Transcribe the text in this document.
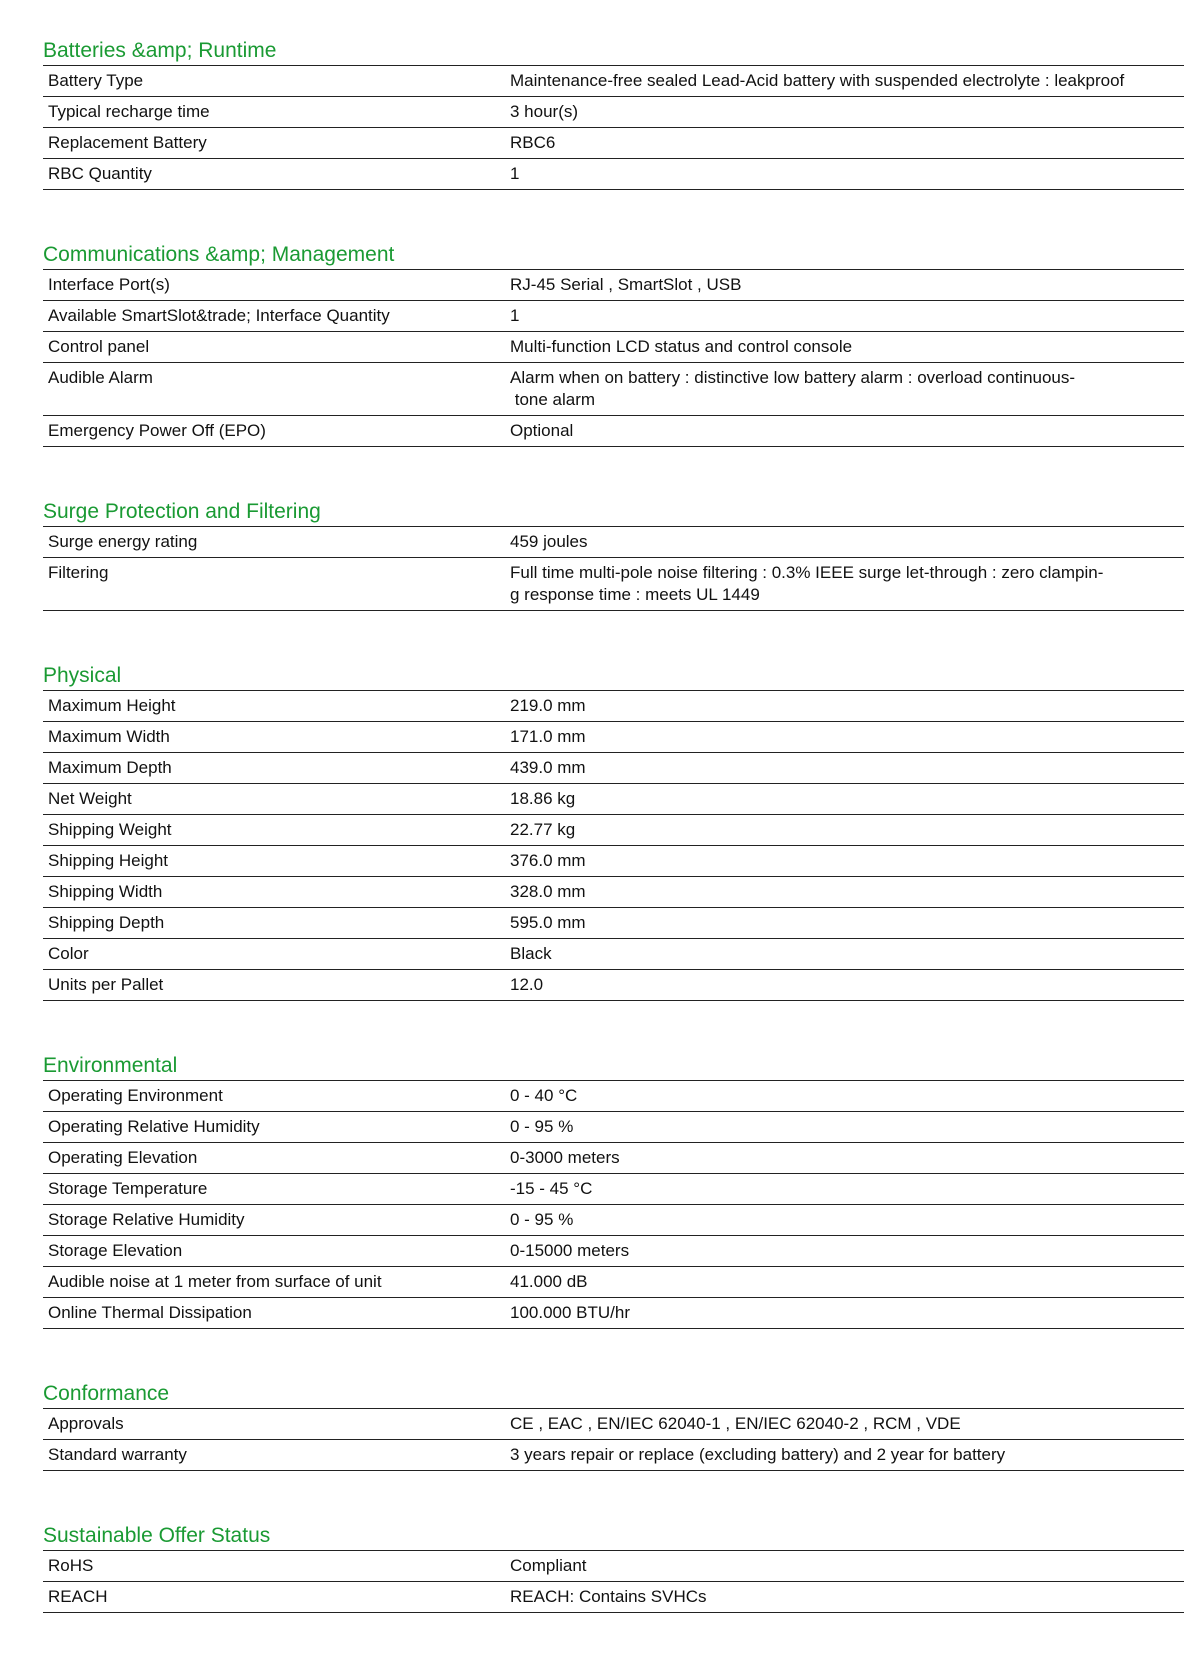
Batteries &amp; Runtime
Battery Type	Maintenance-free sealed Lead-Acid battery with suspended electrolyte : leakproof
Typical recharge time	3 hour(s)
Replacement Battery	RBC6
RBC Quantity	1
Communications &amp; Management
Interface Port(s)	RJ-45 Serial , SmartSlot , USB
Available SmartSlot&trade; Interface Quantity	1
Control panel	Multi-function LCD status and control console
Audible Alarm	Alarm when on battery : distinctive low battery alarm : overload continuous-
tone alarm
Emergency Power Off (EPO)	Optional
Surge Protection and Filtering
Surge energy rating	459 joules
Filtering	Full time multi-pole noise filtering : 0.3% IEEE surge let-through : zero clampin-
g response time : meets UL 1449
Physical
Maximum Height	219.0 mm
Maximum Width	171.0 mm
Maximum Depth	439.0 mm
Net Weight	18.86 kg
Shipping Weight	22.77 kg
Shipping Height	376.0 mm
Shipping Width	328.0 mm
Shipping Depth	595.0 mm
Color	Black
Units per Pallet	12.0
Environmental
Operating Environment	0 - 40 °C
Operating Relative Humidity	0 - 95 %
Operating Elevation	0-3000 meters
Storage Temperature	-15 - 45 °C
Storage Relative Humidity	0 - 95 %
Storage Elevation	0-15000 meters
Audible noise at 1 meter from surface of unit	41.000 dB
Online Thermal Dissipation	100.000 BTU/hr
Conformance
Approvals	CE , EAC , EN/IEC 62040-1 , EN/IEC 62040-2 , RCM , VDE
Standard warranty	3 years repair or replace (excluding battery) and 2 year for battery
Sustainable Offer Status
RoHS	Compliant
REACH	REACH: Contains SVHCs
